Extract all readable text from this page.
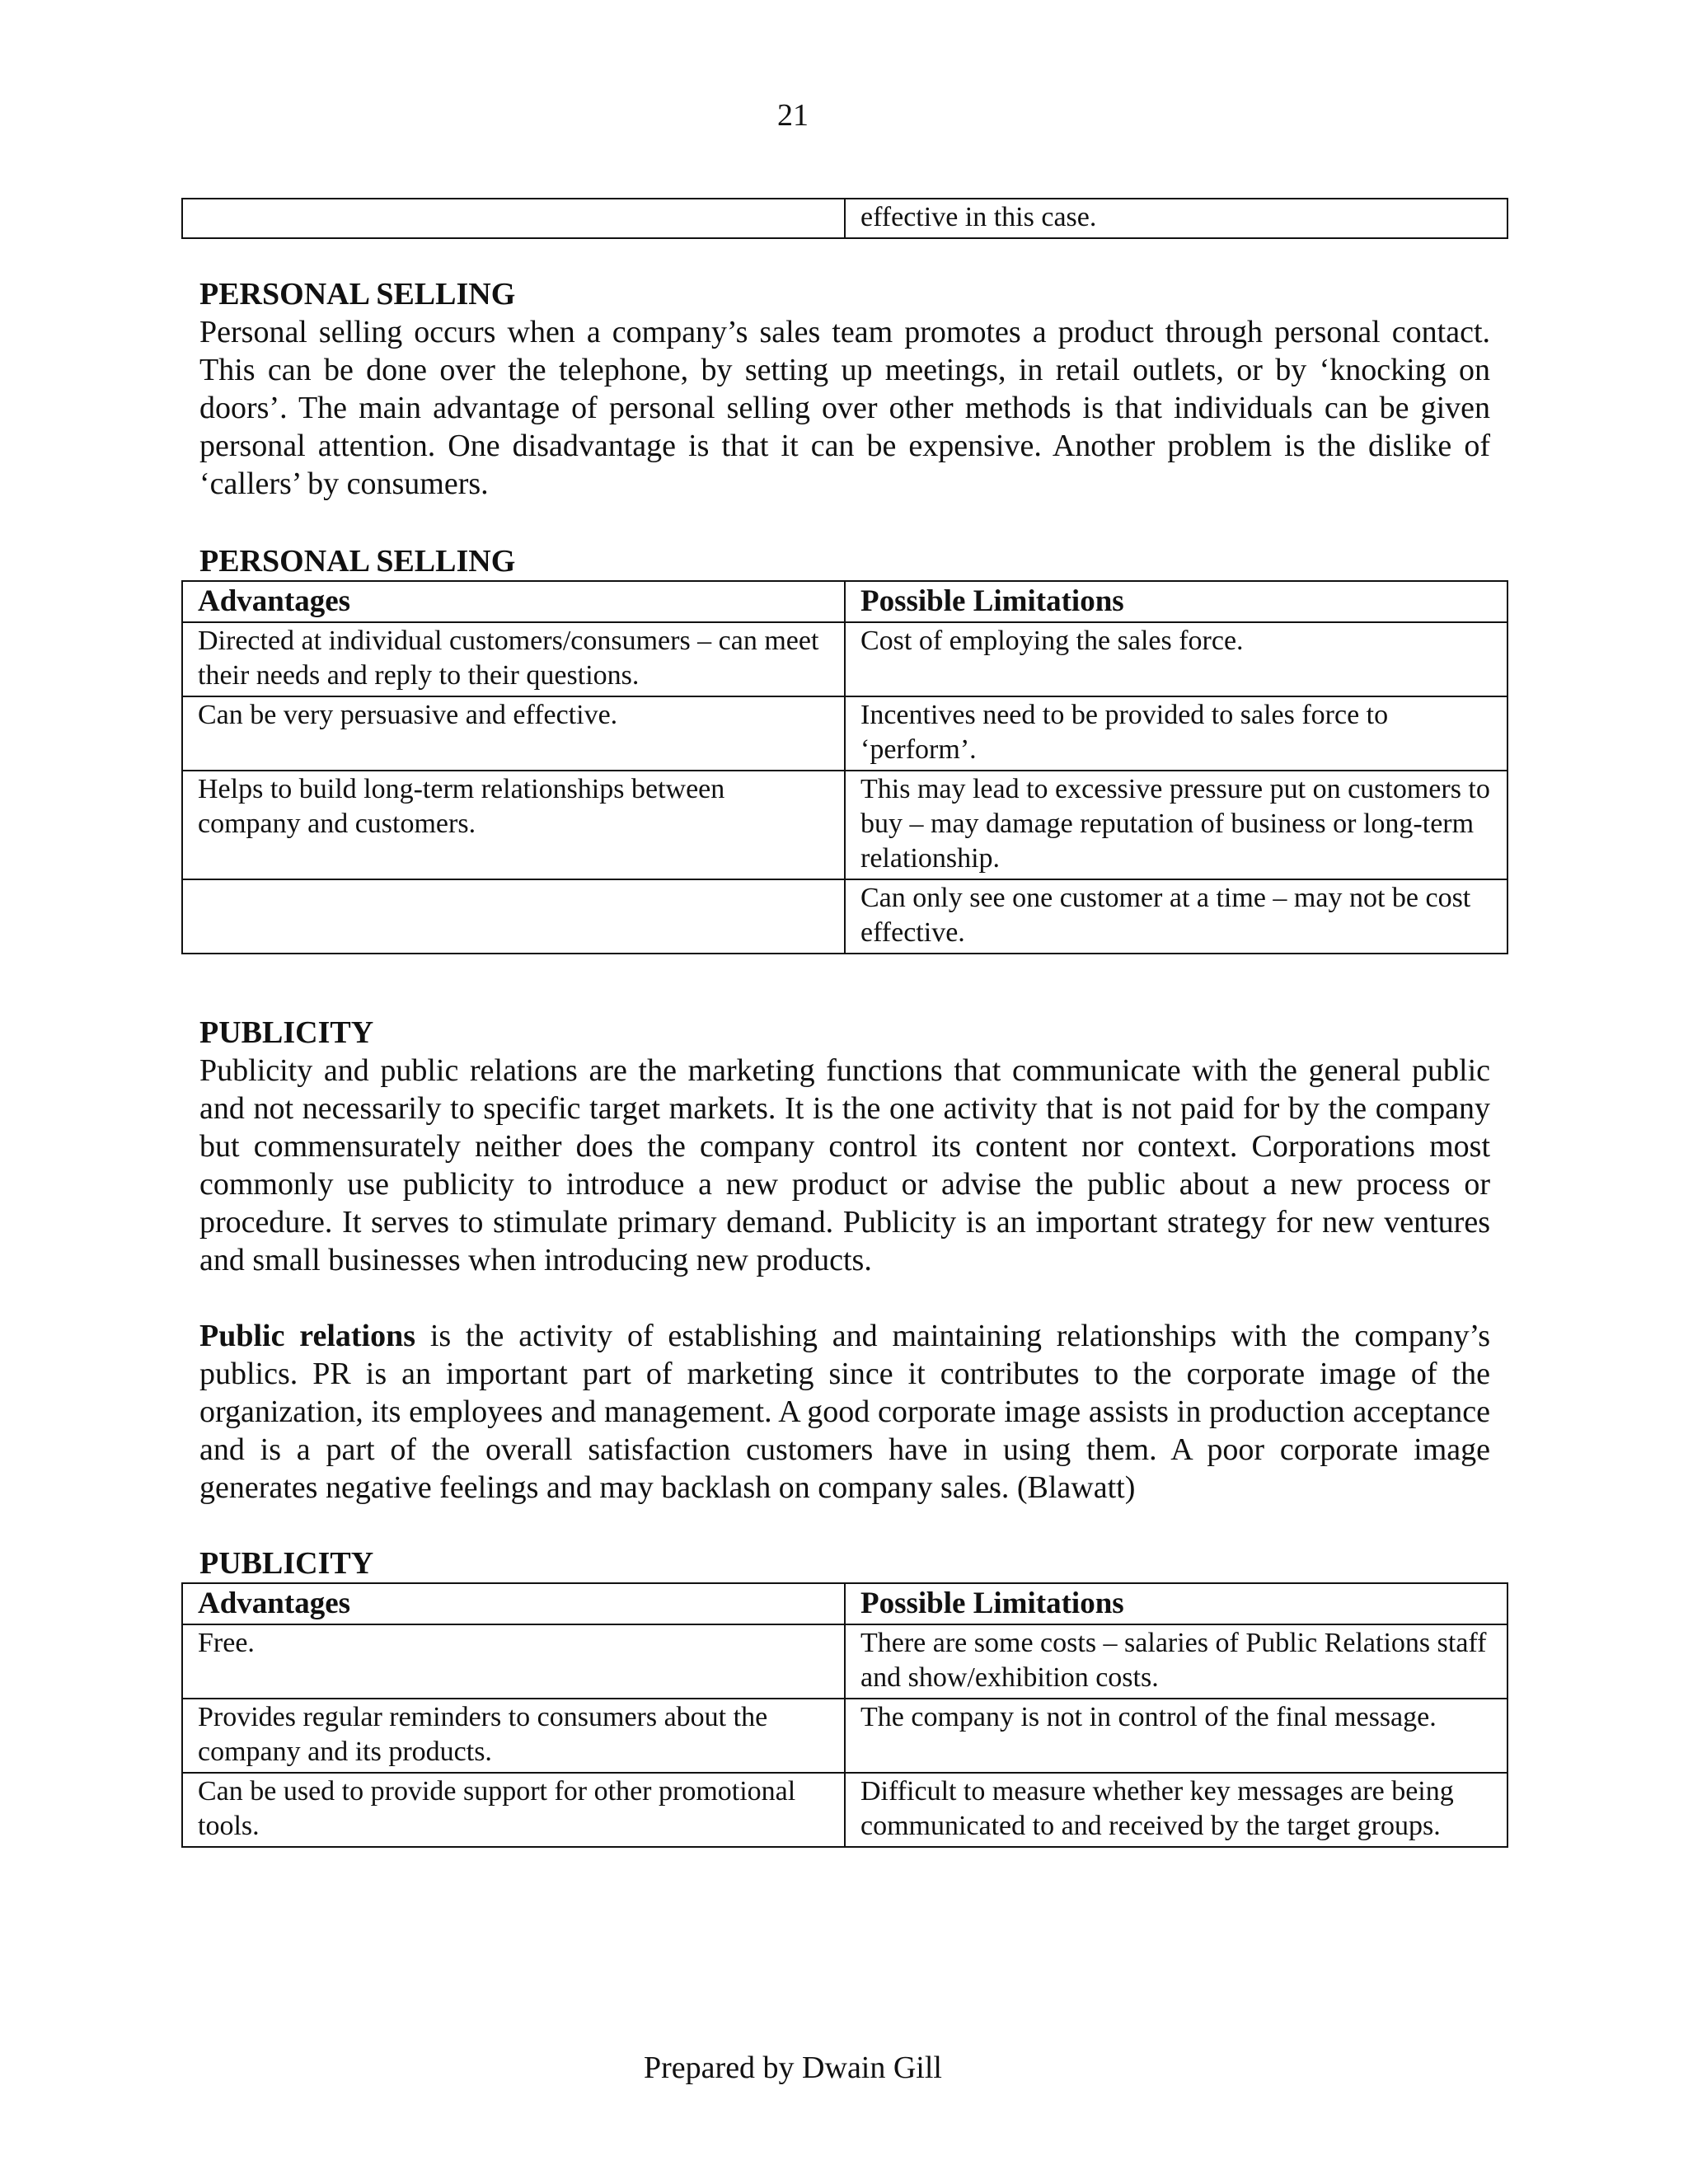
21
	effective in this case.

PERSONAL SELLING

Personal selling occurs when a company’s sales team promotes a product through personal contact. This can be done over the telephone, by setting up meetings, in retail outlets, or by ‘knocking on doors’. The main advantage of personal selling over other methods is that individuals can be given personal attention. One disadvantage is that it can be expensive. Another problem is the dislike of ‘callers’ by consumers.

PERSONAL SELLING

Advantages	Possible Limitations
Directed at individual customers/consumers – can meet their needs and reply to their questions.	Cost of employing the sales force.
Can be very persuasive and effective.	Incentives need to be provided to sales force to ‘perform’.
Helps to build long-term relationships between company and customers.	This may lead to excessive pressure put on customers to buy – may damage reputation of business or long-term relationship.
	Can only see one customer at a time – may not be cost effective.

PUBLICITY

Publicity and public relations are the marketing functions that communicate with the general public and not necessarily to specific target markets. It is the one activity that is not paid for by the company but commensurately neither does the company control its content nor context. Corporations most commonly use publicity to introduce a new product or advise the public about a new process or procedure. It serves to stimulate primary demand. Publicity is an important strategy for new ventures and small businesses when introducing new products.

Public relations is the activity of establishing and maintaining relationships with the company’s publics. PR is an important part of marketing since it contributes to the corporate image of the organization, its employees and management. A good corporate image assists in production acceptance and is a part of the overall satisfaction customers have in using them. A poor corporate image generates negative feelings and may backlash on company sales. (Blawatt)

PUBLICITY

Advantages	Possible Limitations
Free.	There are some costs – salaries of Public Relations staff and show/exhibition costs.
Provides regular reminders to consumers about the company and its products.	The company is not in control of the final message.
Can be used to provide support for other promotional tools.	Difficult to measure whether key messages are being communicated to and received by the target groups.
Prepared by Dwain Gill
